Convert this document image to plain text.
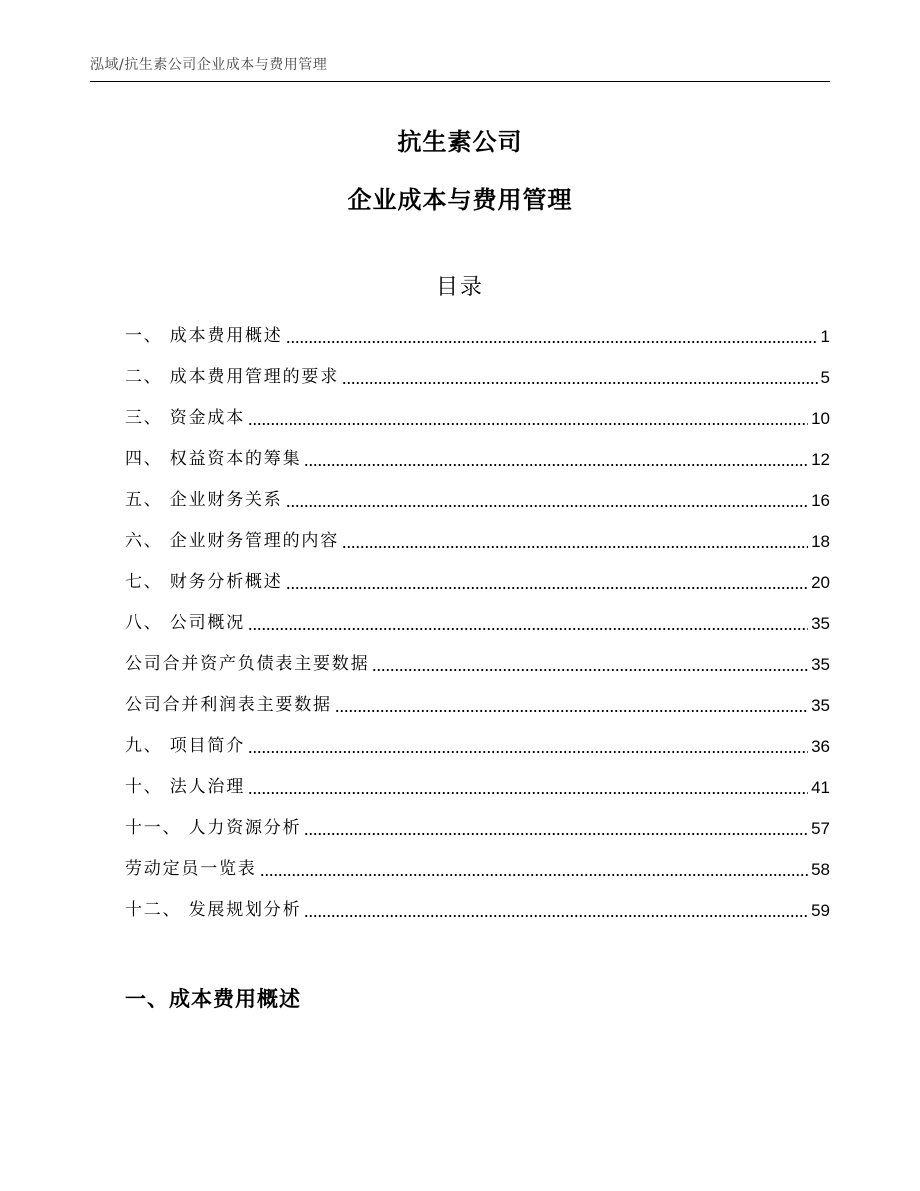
泓域/抗生素公司企业成本与费用管理
抗生素公司
企业成本与费用管理
目录
一、 成本费用概述	1
二、 成本费用管理的要求	5
三、 资金成本	10
四、 权益资本的筹集	12
五、 企业财务关系	16
六、 企业财务管理的内容	18
七、 财务分析概述	20
八、 公司概况	35
公司合并资产负债表主要数据	35
公司合并利润表主要数据	35
九、 项目简介	36
十、 法人治理	41
十一、 人力资源分析	57
劳动定员一览表	58
十二、 发展规划分析	59
一、成本费用概述
